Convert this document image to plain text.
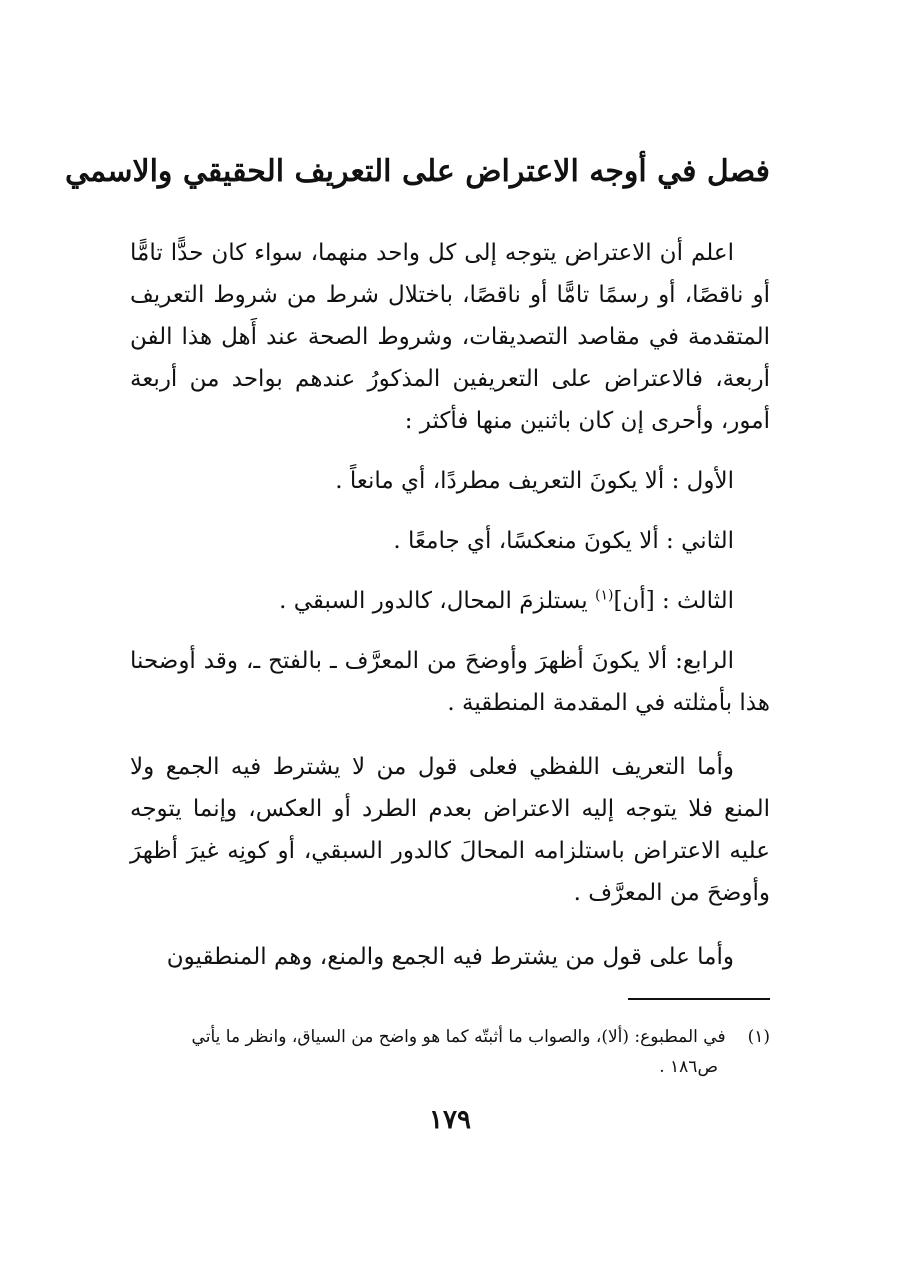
فصل في أوجه الاعتراض على التعريف الحقيقي والاسمي

اعلم أن الاعتراض يتوجه إلى كل واحد منهما، سواء كان حدًّا تامًّا أو ناقصًا، أو رسمًا تامًّا أو ناقصًا، باختلال شرط من شروط التعريف المتقدمة في مقاصد التصديقات، وشروط الصحة عند أَهل هذا الفن أربعة، فالاعتراض على التعريفين المذكورُ عندهم بواحد من أربعة أمور، وأحرى إن كان باثنين منها فأكثر :

الأول : ألا يكونَ التعريف مطردًا، أي مانعاً .

الثاني : ألا يكونَ منعكسًا، أي جامعًا .

الثالث : [أن]$^{(١)}$ يستلزمَ المحال، كالدور السبقي .

الرابع: ألا يكونَ أظهرَ وأوضحَ من المعرَّف ـ بالفتح ـ، وقد أوضحنا هذا بأمثلته في المقدمة المنطقية .

وأما التعريف اللفظي فعلى قول من لا يشترط فيه الجمع ولا المنع فلا يتوجه إليه الاعتراض بعدم الطرد أو العكس، وإنما يتوجه عليه الاعتراض باستلزامه المحالَ كالدور السبقي، أو كونِه غيرَ أظهرَ وأوضحَ من المعرَّف .

وأما على قول من يشترط فيه الجمع والمنع، وهم المنطقيون

(١)في المطبوع: (ألا)، والصواب ما أثبتّه كما هو واضح من السياق، وانظر ما يأتي
ص١٨٦ .

١٧٩
